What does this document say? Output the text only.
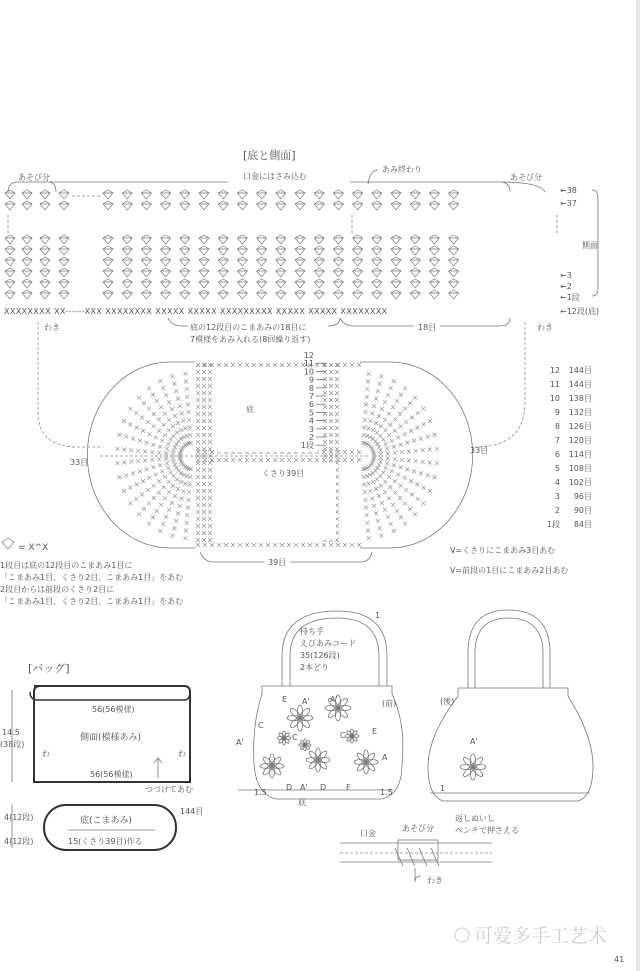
[底と側面]
あそび分	あそび分
口金にはさみ込む
あみ終わり
←38
←37
←3
←2
←1段
←12段(底)
側面
XXXXXXXX XX------XXX XXXXXXXX XXXXX XXXXX XXXXXXXXX XXXXX XXXXX XXXXXXXX
わき	わき
底の12段目のこまあみの18目に
7模様をあみ入れる(8回繰り返す)
18目
底
くさり39目
33目
33目
39目
12
11
10
9
8
7
6
5
4
3
2
1段
12 144目
11 144目
10 138目
9 132目
8 126目
7 120目
6 114目
5 108目
4 102目
3 96目
2 90目
1段 84目
= X^X
1段目は底の12段目のこまあみ1目に
「こまあみ1目、くさり2目、こまあみ1目」をあむ
2段目からは前段のくさり2目に
「こまあみ1目、くさり2目、こまあみ1目」をあむ
V=くさりにこまあみ3目あむ
V=前段の1目にこまあみ2目あむ
[バッグ]
56(56模様)
側面(模様あみ)
わ	わ
56(56模様)
14.5
(38段)
つづけてあむ
底(こまあみ)
144目
15(くさり39目)作る
4(12段)
4(12段)
持ち手
えびあみコード
35(126段)
2本どり
1
(前)
底
1.5	1.5
E A'	A'
C
C	C	E
A'
A
D A' D F
(後)
A'
1
口金
あそび分
返しぬいし
ペンチで押さえる
わき
可爱多手工艺术
41
